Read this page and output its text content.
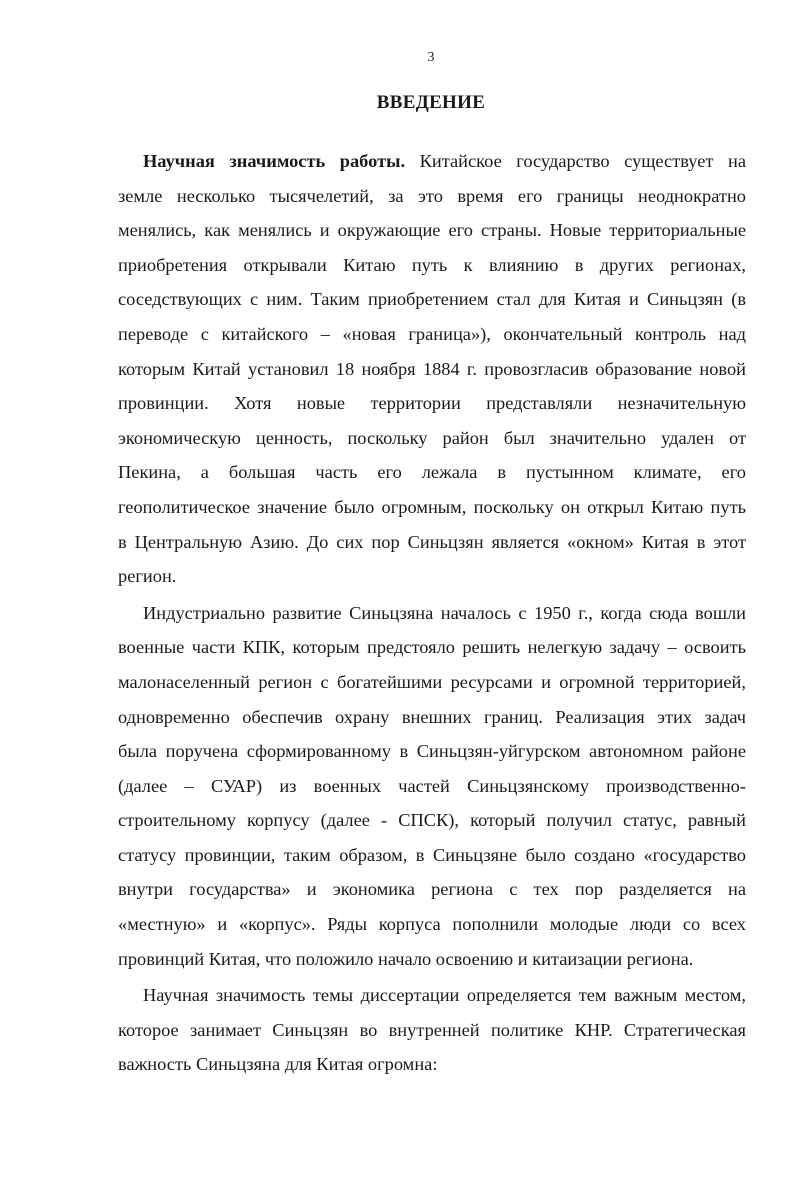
3
ВВЕДЕНИЕ
Научная значимость работы. Китайское государство существует на
земле несколько тысячелетий, за это время его границы неоднократно
менялись, как менялись и окружающие его страны. Новые территориальные
приобретения открывали Китаю путь к влиянию в других регионах,
соседствующих с ним. Таким приобретением стал для Китая и Синьцзян (в
переводе с китайского – «новая граница»), окончательный контроль над
которым Китай установил 18 ноября 1884 г. провозгласив образование новой
провинции. Хотя новые территории представляли незначительную
экономическую ценность, поскольку район был значительно удален от
Пекина, а большая часть его лежала в пустынном климате, его
геополитическое значение было огромным, поскольку он открыл Китаю путь
в Центральную Азию. До сих пор Синьцзян является «окном» Китая в этот
регион.
Индустриально развитие Синьцзяна началось с 1950 г., когда сюда вошли
военные части КПК, которым предстояло решить нелегкую задачу – освоить
малонаселенный регион с богатейшими ресурсами и огромной территорией,
одновременно обеспечив охрану внешних границ. Реализация этих задач
была поручена сформированному в Синьцзян-уйгурском автономном районе
(далее – СУАР) из военных частей Синьцзянскому производственно-
строительному корпусу (далее - СПСК), который получил статус, равный
статусу провинции, таким образом, в Синьцзяне было создано «государство
внутри государства» и экономика региона с тех пор разделяется на
«местную» и «корпус». Ряды корпуса пополнили молодые люди со всех
провинций Китая, что положило начало освоению и китаизации региона.
Научная значимость темы диссертации определяется тем важным местом,
которое занимает Синьцзян во внутренней политике КНР. Стратегическая
важность Синьцзяна для Китая огромна:
